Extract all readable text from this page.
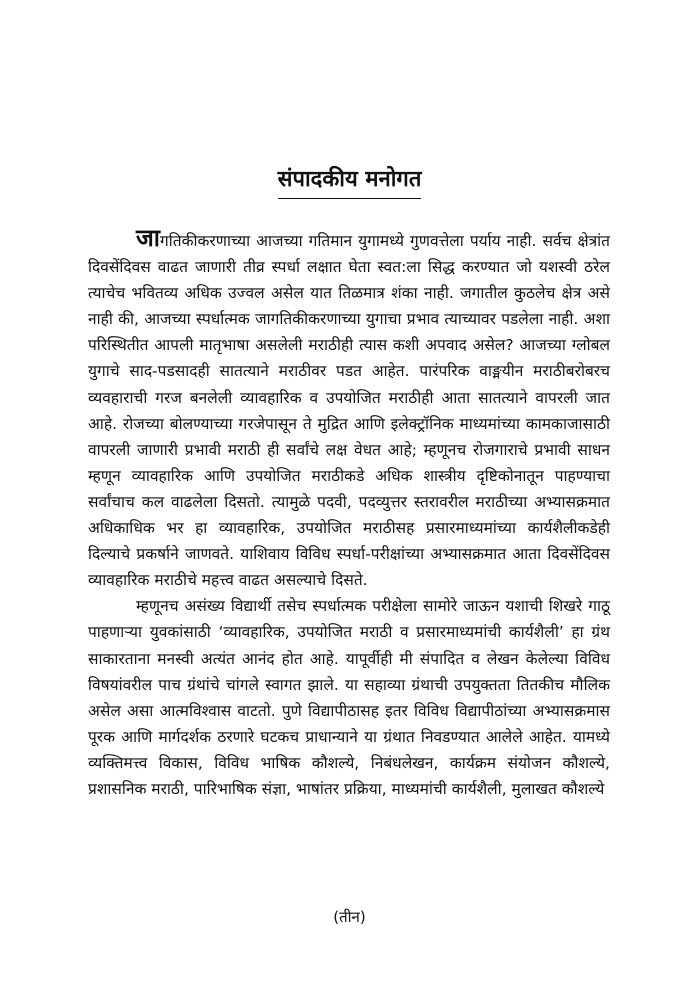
संपादकीय मनोगत

जागतिकीकरणाच्या आजच्या गतिमान युगामध्ये गुणवत्तेला पर्याय नाही. सर्वच क्षेत्रांत दिवसेंदिवस वाढत जाणारी तीव्र स्पर्धा लक्षात घेता स्वत:ला सिद्ध करण्यात जो यशस्वी ठरेल त्याचेच भवितव्य अधिक उज्वल असेल यात तिळमात्र शंका नाही. जगातील कुठलेच क्षेत्र असे नाही की, आजच्या स्पर्धात्मक जागतिकीकरणाच्या युगाचा प्रभाव त्याच्यावर पडलेला नाही. अशा परिस्थितीत आपली मातृभाषा असलेली मराठीही त्यास कशी अपवाद असेल? आजच्या ग्लोबल युगाचे साद-पडसादही सातत्याने मराठीवर पडत आहेत. पारंपरिक वाङ्मयीन मराठीबरोबरच व्यवहाराची गरज बनलेली व्यावहारिक व उपयोजित मराठीही आता सातत्याने वापरली जात आहे. रोजच्या बोलण्याच्या गरजेपासून ते मुद्रित आणि इलेक्ट्रॉनिक माध्यमांच्या कामकाजासाठी वापरली जाणारी प्रभावी मराठी ही सर्वांचे लक्ष वेधत आहे; म्हणूनच रोजगाराचे प्रभावी साधन म्हणून व्यावहारिक आणि उपयोजित मराठीकडे अधिक शास्त्रीय दृष्टिकोनातून पाहण्याचा सर्वांचाच कल वाढलेला दिसतो. त्यामुळे पदवी, पदव्युत्तर स्तरावरील मराठीच्या अभ्यासक्रमात अधिकाधिक भर हा व्यावहारिक, उपयोजित मराठीसह प्रसारमाध्यमांच्या कार्यशैलीकडेही दिल्याचे प्रकर्षाने जाणवते. याशिवाय विविध स्पर्धा-परीक्षांच्या अभ्यासक्रमात आता दिवसेंदिवस व्यावहारिक मराठीचे महत्त्व वाढत असल्याचे दिसते.

म्हणूनच असंख्य विद्यार्थी तसेच स्पर्धात्मक परीक्षेला सामोरे जाऊन यशाची शिखरे गाठू पाहणाऱ्या युवकांसाठी ‘व्यावहारिक, उपयोजित मराठी व प्रसारमाध्यमांची कार्यशैली’ हा ग्रंथ साकारताना मनस्वी अत्यंत आनंद होत आहे. यापूर्वीही मी संपादित व लेखन केलेल्या विविध विषयांवरील पाच ग्रंथांचे चांगले स्वागत झाले. या सहाव्या ग्रंथाची उपयुक्तता तितकीच मौलिक असेल असा आत्मविश्वास वाटतो. पुणे विद्यापीठासह इतर विविध विद्यापीठांच्या अभ्यासक्रमास पूरक आणि मार्गदर्शक ठरणारे घटकच प्राधान्याने या ग्रंथात निवडण्यात आलेले आहेत. यामध्ये व्यक्तिमत्त्व विकास, विविध भाषिक कौशल्ये, निबंधलेखन, कार्यक्रम संयोजन कौशल्ये, प्रशासनिक मराठी, पारिभाषिक संज्ञा, भाषांतर प्रक्रिया, माध्यमांची कार्यशैली, मुलाखत कौशल्ये

(तीन)
